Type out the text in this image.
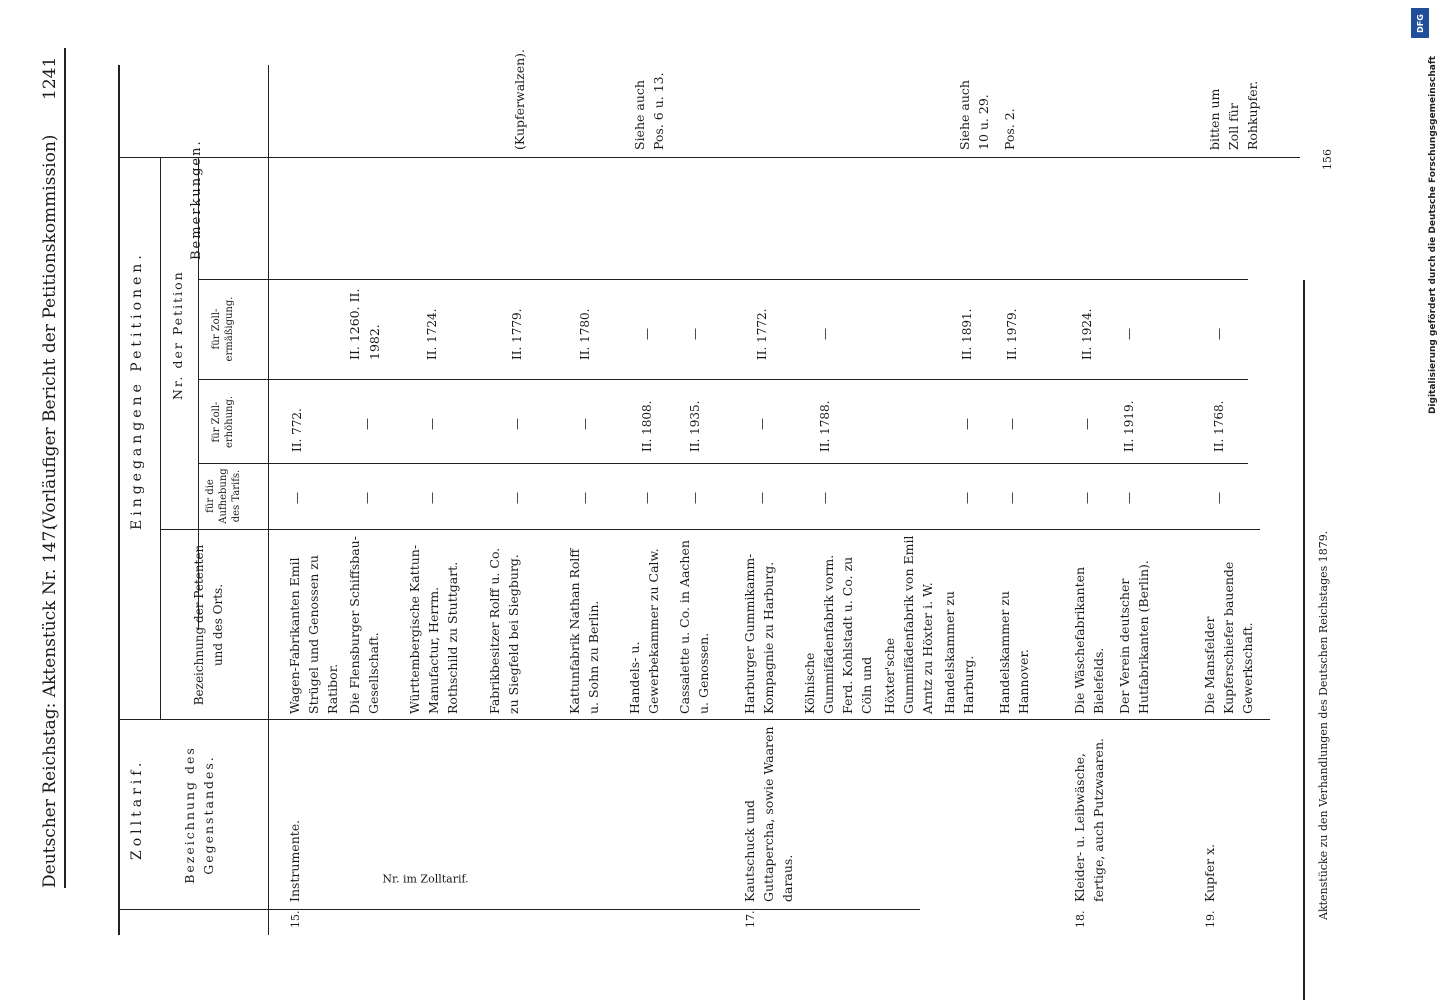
Deutscher Reichstag: Aktenstück Nr. 147.
(Vorläufiger Bericht der Petitionskommission)
1241
Nr. im Zolltarif.
Zolltarif.	Bezeichnung des Gegenstandes.
Eingegangene Petitionen.
Bezeichnung der Petenten und des Orts.
Nr. der Petition
für die Aufhebung des Tarifs.
für Zoll-erhöhung.
für Zoll-ermäßigung.
Bemerkungen.
15.
Instrumente.
Wagen-Fabrikanten Emil Strügel und Genossen zu Ratibor.
—
II. 772.
Die Flensburger Schiffsbau-Gesellschaft.
—
—
II. 1260. II. 1982.
Württembergische Kattun-Manufactur, Herrm. Rothschild zu Stuttgart.
—
—
II. 1724.
Fabrikbesitzer Rolff u. Co. zu Siegfeld bei Siegburg.
—
—
II. 1779.
(Kupferwalzen).
Kattunfabrik Nathan Rolff u. Sohn zu Berlin.
—
—
II. 1780.
Handels- u. Gewerbekammer zu Calw.
—
II. 1808.
—
Siehe auch Pos. 6 u. 13.
Cassalette u. Co. in Aachen u. Genossen.
—
II. 1935.
—
17.
Kautschuck und Guttapercha, sowie Waaren daraus.
Harburger Gummikamm-Kompagnie zu Harburg.
—
—
II. 1772.
Kölnische Gummifädenfabrik vorm. Ferd. Kohlstadt u. Co. zu Cöln und
—
II. 1788.
—
Höxter'sche Gummifädenfabrik von Emil Arntz zu Höxter i. W. Handelskammer zu Harburg.
—
—
II. 1891.
Siehe auch 10 u. 29.
Handelskammer zu Hannover.
—
—
II. 1979.
Pos. 2.
18.
Kleider- u. Leibwäsche, fertige, auch Putzwaaren.
Die Wäschefabrikanten Bielefelds.
—
—
II. 1924.
Der Verein deutscher Hutfabrikanten (Berlin).
—
II. 1919.
—
19.
Kupfer x.
Die Mansfelder Kupferschiefer bauende Gewerkschaft.
—
II. 1768.
—
bitten um Zoll für Rohkupfer.
Aktenstücke zu den Verhandlungen des Deutschen Reichstages 1879.
156
DFG
Digitalisierung gefördert durch die Deutsche Forschungsgemeinschaft
